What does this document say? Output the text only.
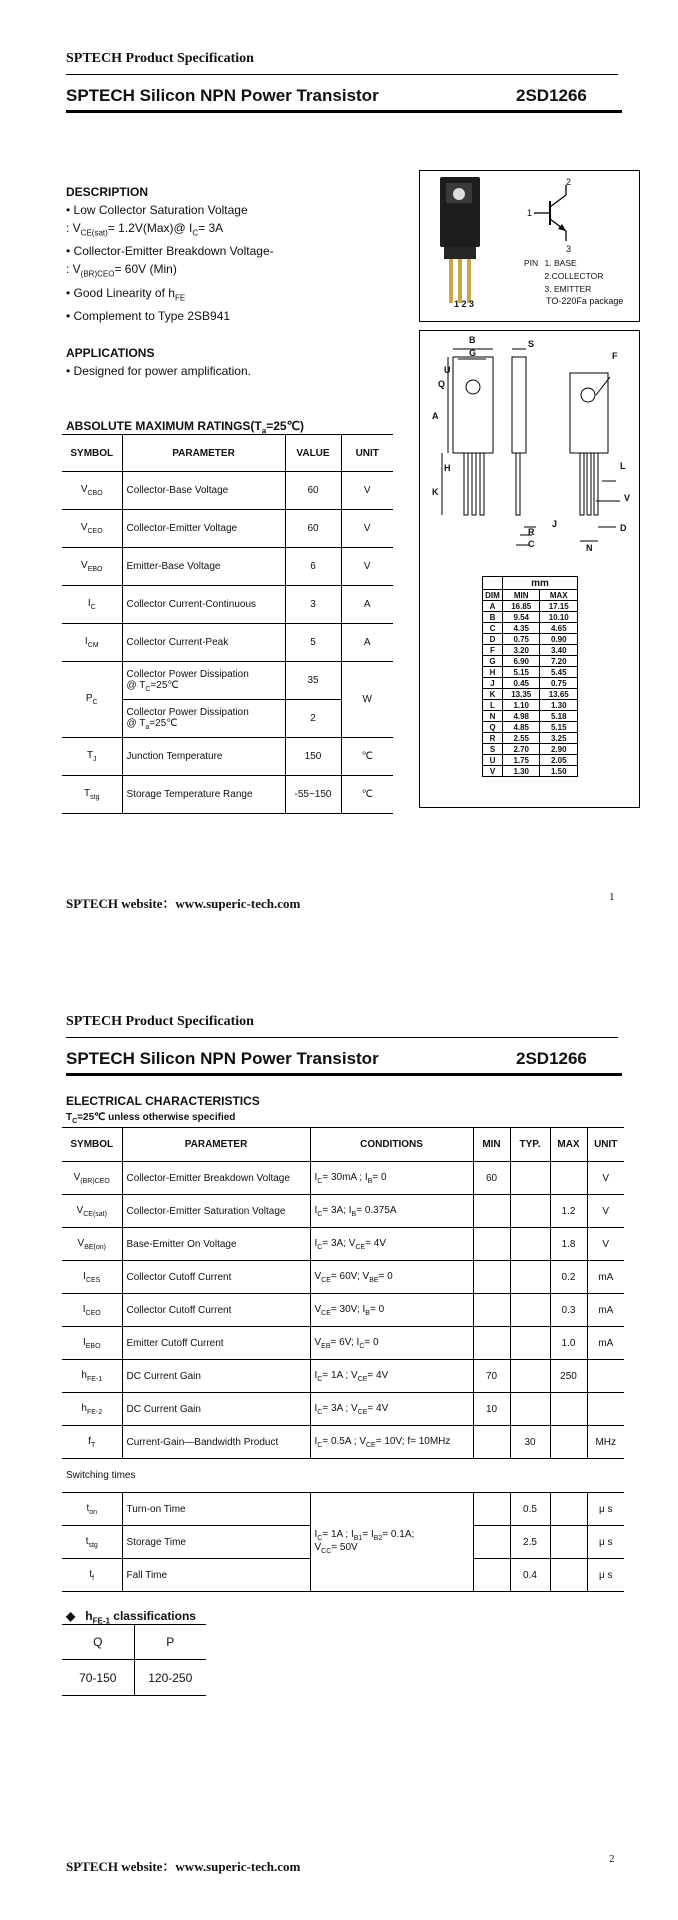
SPTECH Product Specification
SPTECH Silicon NPN Power Transistor	2SD1266
DESCRIPTION
• Low Collector Saturation Voltage
: $V_{CE(sat)}=$ 1.2V(Max)@ $I_C= 3A$
• Collector-Emitter Breakdown Voltage-
: $V_{(BR)CEO}= 60V$ (Min)
• Good Linearity of $h_{FE}$
• Complement to Type 2SB941
APPLICATIONS
• Designed for power amplification.
ABSOLUTE MAXIMUM $RATINGS(T_a=25℃)$
SYMBOL	PARAMETER	VALUE	UNIT
$V_{CBO}$	Collector-Base Voltage	60	V
$V_{CEO}$	Collector-Emitter Voltage	60	V
$V_{EBO}$	Emitter-Base Voltage	6	V
$I_C$	Collector Current-Continuous	3	A
$I_{CM}$	Collector Current-Peak	5	A
$P_C$	Collector Power Dissipation
@ $T_C=25℃$	35	W

	Collector Power Dissipation
@ $T_a=25℃$	2	
$T_J$	Junction Temperature	150	℃
$T_{stg}$	Storage Temperature Range	-55~150	℃
1 2 3
2
1
3
PIN 1. BASE
2.COLLECTOR
3. EMITTER
TO-220Fa package
B
G
S
F
U
Q
A
H
K
L
V
J
R
C
D
N
	mm	
DIM	MIN	MAX
A	16.85	17.15
B	9.54	10.10
C	4.35	4.65
D	0.75	0.90
F	3.20	3.40
G	6.90	7.20
H	5.15	5.45
J	0.45	0.75
K	13.35	13.65
L	1.10	1.30
N	4.98	5.18
Q	4.85	5.15
R	2.55	3.25
S	2.70	2.90
U	1.75	2.05
V	1.30	1.50
SPTECH website：www.superic-tech.com	1
SPTECH Product Specification
SPTECH Silicon NPN Power Transistor	2SD1266
ELECTRICAL CHARACTERISTICS
$T_C=25℃$ unless otherwise specified
SYMBOL	PARAMETER	CONDITIONS	MIN	TYP.	MAX	UNIT
$V_{(BR)CEO}$	Collector-Emitter Breakdown Voltage	$I_C= 30mA$ ; $I_B= 0$	60			V
$V_{CE(sat)}$	Collector-Emitter Saturation Voltage	$I_C= 3A$; $I_B= 0.375A$			1.2	V
$V_{BE(on)}$	Base-Emitter On Voltage	$I_C= 3A$; $V_{CE}= 4V$			1.8	V
$I_{CES}$	Collector Cutoff Current	$V_{CE}= 60V$; $V_{BE}= 0$			0.2	mA
$I_{CEO}$	Collector Cutoff Current	$V_{CE}= 30V$; $I_B= 0$			0.3	mA
$I_{EBO}$	Emitter Cutoff Current	$V_{EB}= 6V$; $I_C= 0$			1.0	mA
$h_{FE-1}$	DC Current Gain	$I_C= 1A$ ; $V_{CE}= 4V$	70		250	
$h_{FE-2}$	DC Current Gain	$I_C= 3A$ ; $V_{CE}= 4V$	10			
$f_T$	Current-Gain—Bandwidth Product	$I_C= 0.5A$ ; $V_{CE}= 10V$; f= 10MHz		30		MHz
Switching times						
$t_{on}$	Turn-on Time	$I_C= 1A$ ; $I_{B1}= I_{B2}= 0.1A$;
$V_{CC}= 50V$		0.5		μ s
$t_{stg}$	Storage Time			2.5		μ s
$t_f$	Fall Time			0.4		μ s
◆ $h_{FE-1}$ classifications
Q	P
70-150	120-250
SPTECH website：www.superic-tech.com	2
